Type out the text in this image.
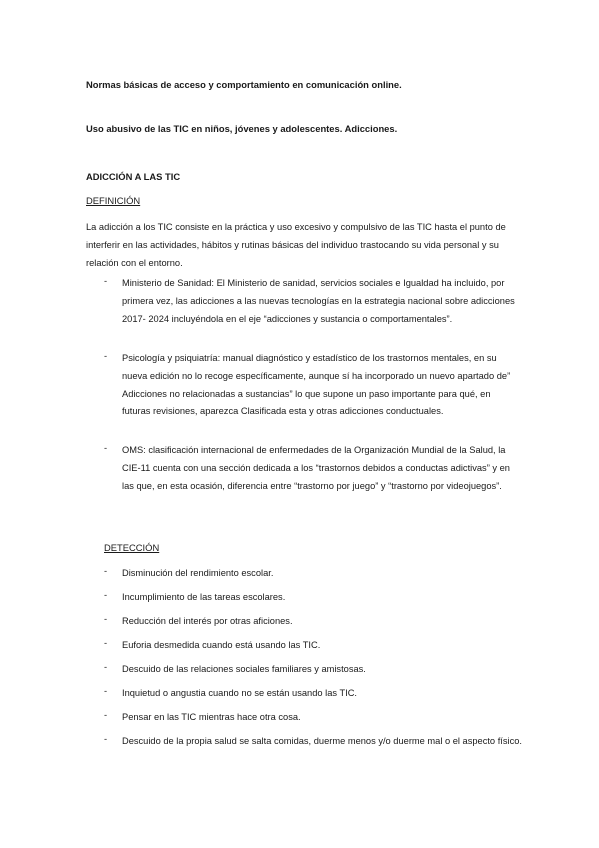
Normas básicas de acceso y comportamiento en comunicación online.
Uso abusivo de las TIC en niños, jóvenes y adolescentes. Adicciones.
ADICCIÓN A LAS TIC
DEFINICIÓN
La adicción a los TIC consiste en la práctica y uso excesivo y compulsivo de las TIC hasta el punto de interferir en las actividades, hábitos y rutinas básicas del individuo trastocando su vida personal y su relación con el entorno.
- Ministerio de Sanidad: El Ministerio de sanidad, servicios sociales e Igualdad ha incluido, por primera vez, las adicciones a las nuevas tecnologías en la estrategia nacional sobre adicciones 2017- 2024 incluyéndola en el eje “adicciones y sustancia o comportamentales”.
- Psicología y psiquiatría: manual diagnóstico y estadístico de los trastornos mentales, en su nueva edición no lo recoge específicamente, aunque sí ha incorporado un nuevo apartado de” Adicciones no relacionadas a sustancias” lo que supone un paso importante para qué, en futuras revisiones, aparezca Clasificada esta y otras adicciones conductuales.
- OMS: clasificación internacional de enfermedades de la Organización Mundial de la Salud, la CIE-11 cuenta con una sección dedicada a los “trastornos debidos a conductas adictivas” y en las que, en esta ocasión, diferencia entre “trastorno por juego” y “trastorno por videojuegos”.
DETECCIÓN
- Disminución del rendimiento escolar.
- Incumplimiento de las tareas escolares.
- Reducción del interés por otras aficiones.
- Euforia desmedida cuando está usando las TIC.
- Descuido de las relaciones sociales familiares y amistosas.
- Inquietud o angustia cuando no se están usando las TIC.
- Pensar en las TIC mientras hace otra cosa.
- Descuido de la propia salud se salta comidas, duerme menos y/o duerme mal o el aspecto físico.
